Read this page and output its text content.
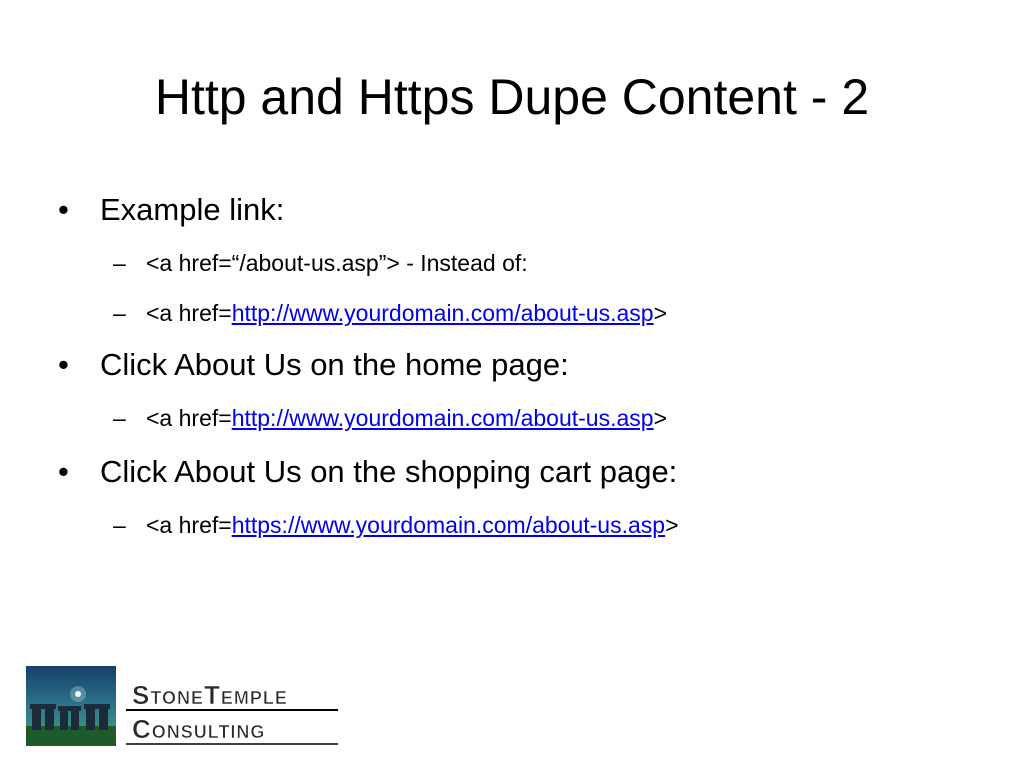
Http and Https Dupe Content - 2
• Example link:
– <a href=“/about-us.asp”> - Instead of:
– <a href=http://www.yourdomain.com/about-us.asp>
• Click About Us on the home page:
– <a href=http://www.yourdomain.com/about-us.asp>
• Click About Us on the shopping cart page:
– <a href=https://www.yourdomain.com/about-us.asp>
StoneTemple
Consulting
